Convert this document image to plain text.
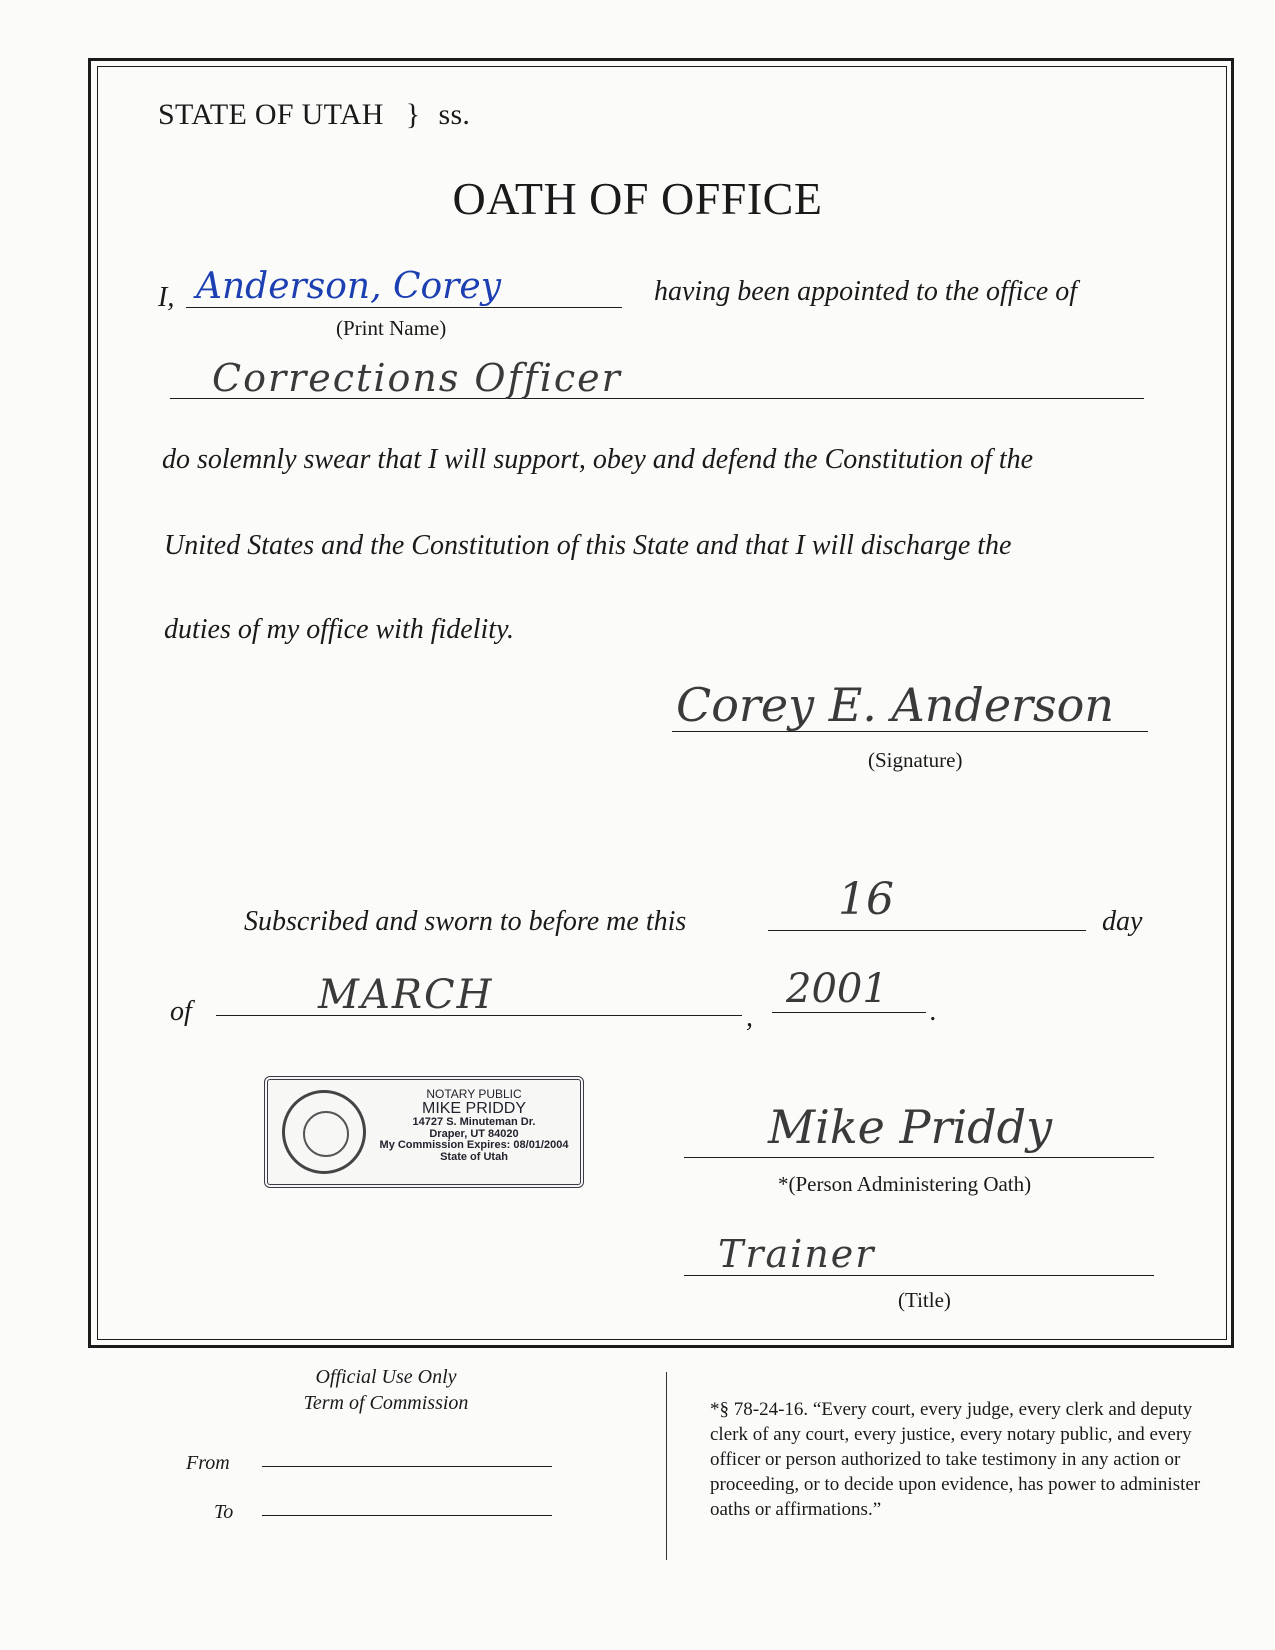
STATE OF UTAH } ss.
OATH OF OFFICE
I, Anderson, Corey
(Print Name)
having been appointed to the office of
Corrections Officer
do solemnly swear that I will support, obey and defend the Constitution of the
United States and the Constitution of this State and that I will discharge the
duties of my office with fidelity.
Corey E. Anderson
(Signature)
Subscribed and sworn to before me this	16	day
of	MARCH	,
2001 .
NOTARY PUBLIC
MIKE PRIDDY
14727 S. Minuteman Dr.
Draper, UT 84020
My Commission Expires: 08/01/2004
State of Utah
Mike Priddy
*(Person Administering Oath)
Trainer
(Title)
Official Use Only
Term of Commission
From
To
*§ 78-24-16. “Every court, every judge, every clerk and deputy clerk of any court, every justice, every notary public, and every officer or person authorized to take testimony in any action or proceeding, or to decide upon evidence, has power to administer oaths or affirmations.”
